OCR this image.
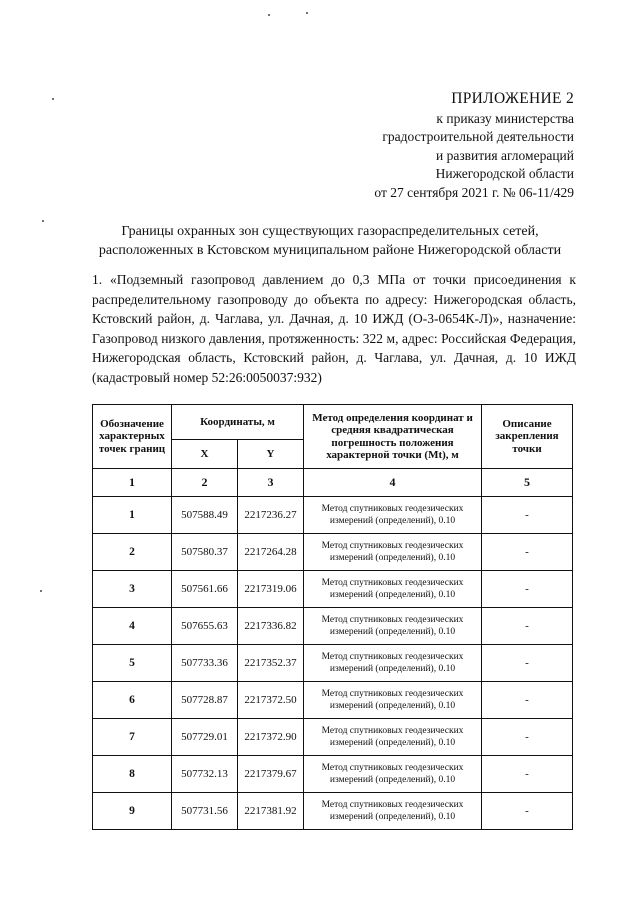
ПРИЛОЖЕНИЕ 2
к приказу министерства
градостроительной деятельности
и развития агломераций
Нижегородской области
от 27 сентября 2021 г. № 06-11/429
Границы охранных зон существующих газораспределительных сетей,
расположенных в Кстовском муниципальном районе Нижегородской области
1. «Подземный газопровод давлением до 0,3 МПа от точки присоединения к распределительному газопроводу до объекта по адресу: Нижегородская область, Кстовский район, д. Чаглава, ул. Дачная, д. 10 ИЖД (О-3-0654К-Л)», назначение: Газопровод низкого давления, протяженность: 322 м, адрес: Российская Федерация, Нижегородская область, Кстовский район, д. Чаглава, ул. Дачная, д. 10 ИЖД (кадастровый номер 52:26:0050037:932)
Обозначение характерных точек границ	Координаты, м		Метод определения координат и средняя квадратическая погрешность положения характерной точки (Mt), м	Описание закрепления точки
	X	Y		
1	2	3	4	5
1	507588.49	2217236.27	Метод спутниковых геодезических измерений (определений), 0.10	-
2	507580.37	2217264.28	Метод спутниковых геодезических измерений (определений), 0.10	-
3	507561.66	2217319.06	Метод спутниковых геодезических измерений (определений), 0.10	-
4	507655.63	2217336.82	Метод спутниковых геодезических измерений (определений), 0.10	-
5	507733.36	2217352.37	Метод спутниковых геодезических измерений (определений), 0.10	-
6	507728.87	2217372.50	Метод спутниковых геодезических измерений (определений), 0.10	-
7	507729.01	2217372.90	Метод спутниковых геодезических измерений (определений), 0.10	-
8	507732.13	2217379.67	Метод спутниковых геодезических измерений (определений), 0.10	-
9	507731.56	2217381.92	Метод спутниковых геодезических измерений (определений), 0.10	-
